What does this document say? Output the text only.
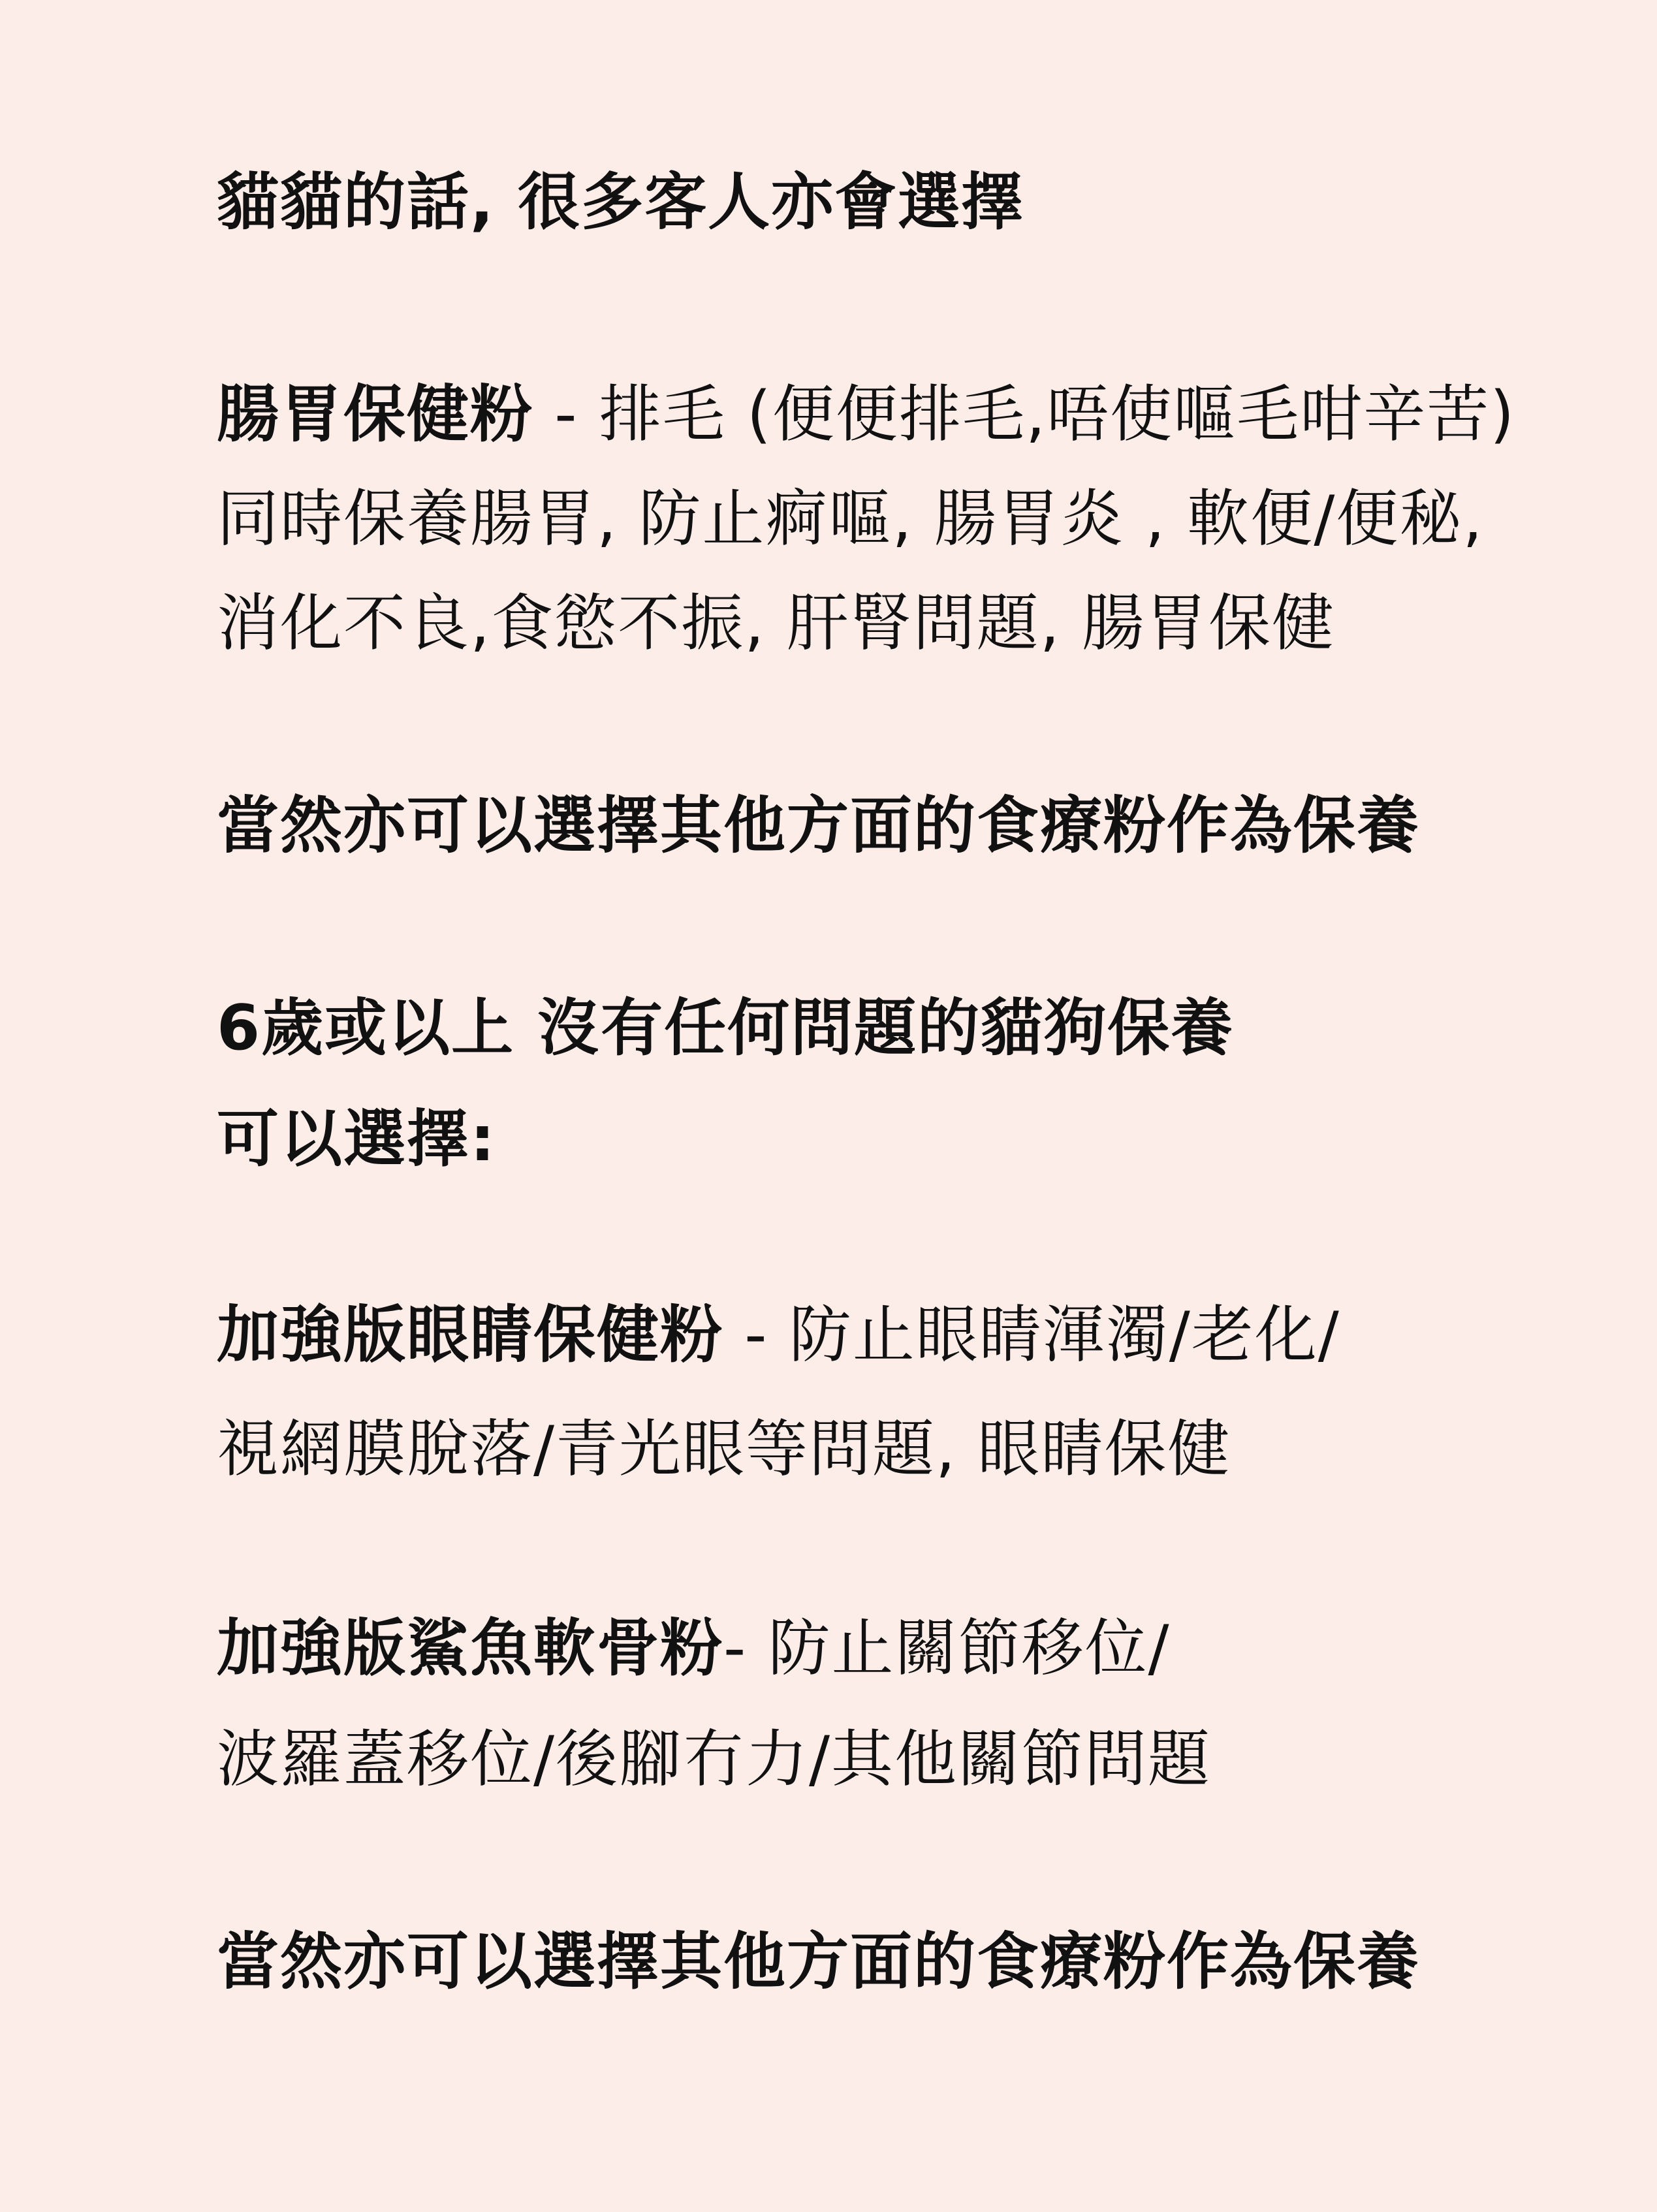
貓貓的話, 很多客人亦會選擇
腸胃保健粉 - 排毛 (便便排毛,唔使嘔毛咁辛苦)
同時保養腸胃, 防止痾嘔, 腸胃炎 , 軟便/便秘,
消化不良,食慾不振, 肝腎問題, 腸胃保健
當然亦可以選擇其他方面的食療粉作為保養
6歲或以上 沒有任何問題的貓狗保養
可以選擇:
加強版眼睛保健粉 - 防止眼睛渾濁/老化/
視網膜脫落/青光眼等問題, 眼睛保健
加強版鯊魚軟骨粉- 防止關節移位/
波羅蓋移位/後腳冇力/其他關節問題
當然亦可以選擇其他方面的食療粉作為保養
